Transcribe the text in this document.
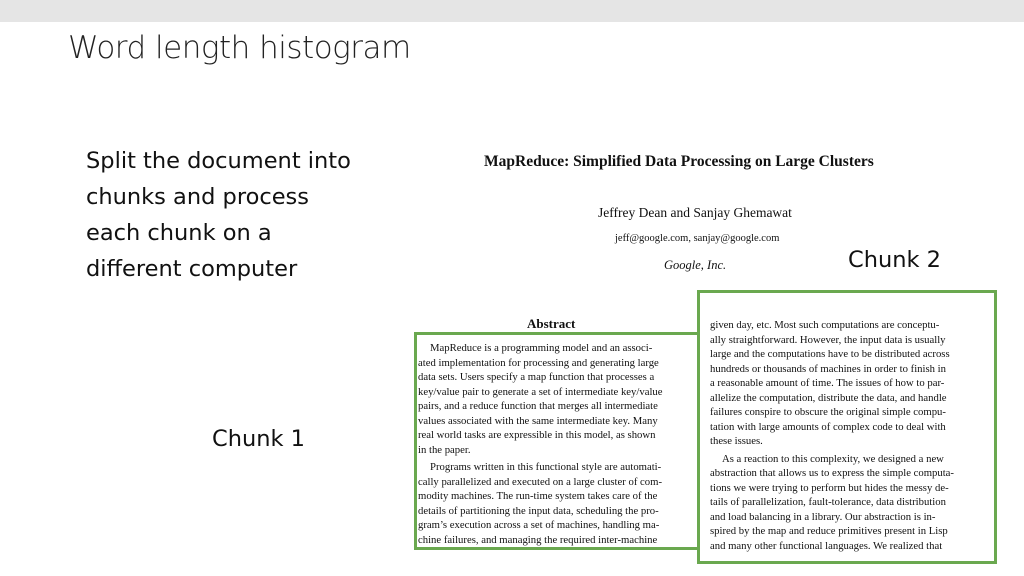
Word length histogram
Split the document into
chunks and process
each chunk on a
different computer
MapReduce: Simplified Data Processing on Large Clusters
Jeffrey Dean and Sanjay Ghemawat
jeff@google.com, sanjay@google.com
Google, Inc.
Abstract
MapReduce is a programming model and an associ-
ated implementation for processing and generating large
data sets. Users specify a map function that processes a
key/value pair to generate a set of intermediate key/value
pairs, and a reduce function that merges all intermediate
values associated with the same intermediate key. Many
real world tasks are expressible in this model, as shown
in the paper.
Programs written in this functional style are automati-
cally parallelized and executed on a large cluster of com-
modity machines. The run-time system takes care of the
details of partitioning the input data, scheduling the pro-
gram’s execution across a set of machines, handling ma-
chine failures, and managing the required inter-machine
given day, etc. Most such computations are conceptu-
ally straightforward. However, the input data is usually
large and the computations have to be distributed across
hundreds or thousands of machines in order to finish in
a reasonable amount of time. The issues of how to par-
allelize the computation, distribute the data, and handle
failures conspire to obscure the original simple compu-
tation with large amounts of complex code to deal with
these issues.
As a reaction to this complexity, we designed a new
abstraction that allows us to express the simple computa-
tions we were trying to perform but hides the messy de-
tails of parallelization, fault-tolerance, data distribution
and load balancing in a library. Our abstraction is in-
spired by the map and reduce primitives present in Lisp
and many other functional languages. We realized that
Chunk 1
Chunk 2
